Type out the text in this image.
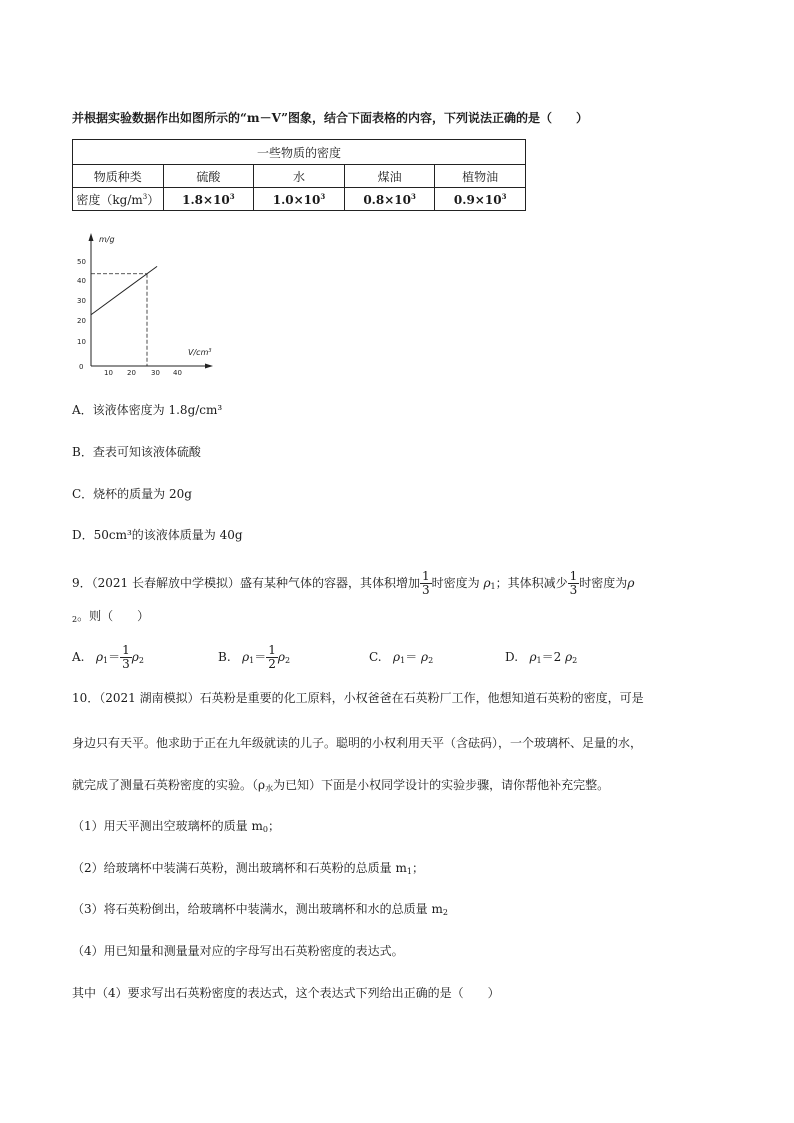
并根据实验数据作出如图所示的“m－V”图象，结合下面表格的内容，下列说法正确的是（　　）
一些物质的密度				
物质种类	硫酸	水	煤油	植物油
密度$(kg/m^3)$	$1.8\times 10^3$	$1.0\times 10^3$	$0.8\times 10^3$	$0.9\times 10^3$
m/g
$V/cm^3$
50
40
30
20
10
0
10 20 30 40
A．该液体密度为 1.8g/cm³
B．查表可知该液体硫酸
C．烧杯的质量为 20g
D．50cm³的该液体质量为 40g
9．（2021 长春解放中学模拟）盛有某种气体的容器，其体积增加 $\frac{1}{3}$ 时密度为 $\rho_1$；其体积减少 $\frac{1}{3}$ 时密度为ρ
$_2$。则（　　）
A. $\rho_1= \frac{1}{3} \rho_2$	B. $\rho_1= \frac{1}{2} \rho_2$	C. $\rho_1= \rho_2$	D. $\rho_1=2$ $\rho_2$
10．（2021 湖南模拟）石英粉是重要的化工原料，小权爸爸在石英粉厂工作，他想知道石英粉的密度，可是
身边只有天平。他求助于正在九年级就读的儿子。聪明的小权利用天平（含砝码），一个玻璃杯、足量的水，
就完成了测量石英粉密度的实验。（$\rho_水$为已知）下面是小权同学设计的实验步骤，请你帮他补充完整。
（1）用天平测出空玻璃杯的质量 $m_0$；
（2）给玻璃杯中装满石英粉，测出玻璃杯和石英粉的总质量 $m_1$；
（3）将石英粉倒出，给玻璃杯中装满水，测出玻璃杯和水的总质量 $m_2$
（4）用已知量和测量量对应的字母写出石英粉密度的表达式。
其中（4）要求写出石英粉密度的表达式，这个表达式下列给出正确的是（　　）
